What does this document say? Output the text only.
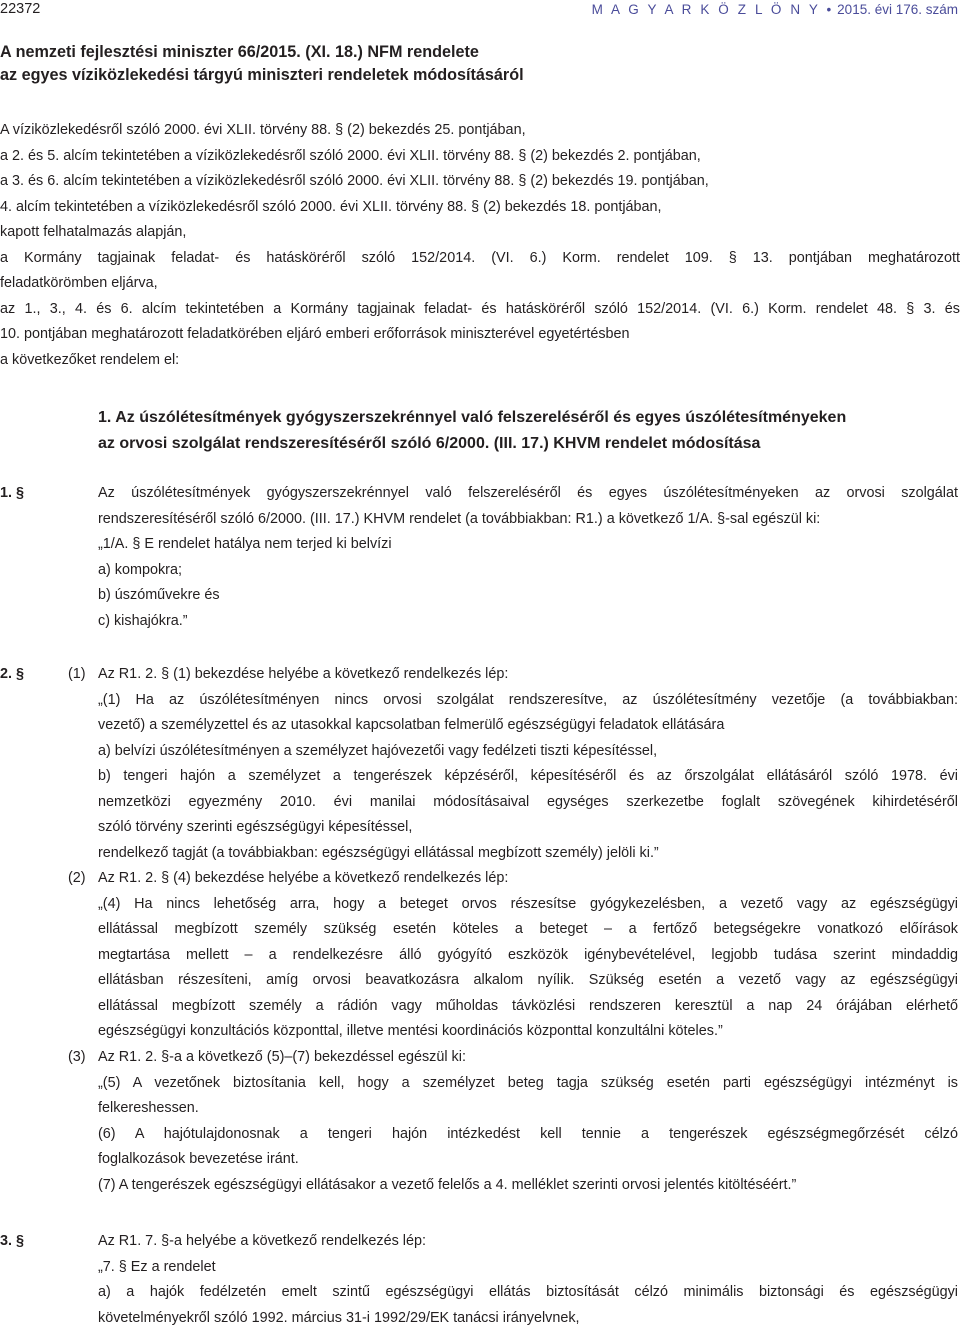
22372	M A G Y A R K Ö Z L Ö N Y • 2015. évi 176. szám
A nemzeti fejlesztési miniszter 66/2015. (XI. 18.) NFM rendelete
az egyes víziközlekedési tárgyú miniszteri rendeletek módosításáról
A víziközlekedésről szóló 2000. évi XLII. törvény 88. § (2) bekezdés 25. pontjában,
a 2. és 5. alcím tekintetében a víziközlekedésről szóló 2000. évi XLII. törvény 88. § (2) bekezdés 2. pontjában,
a 3. és 6. alcím tekintetében a víziközlekedésről szóló 2000. évi XLII. törvény 88. § (2) bekezdés 19. pontjában,
4. alcím tekintetében a víziközlekedésről szóló 2000. évi XLII. törvény 88. § (2) bekezdés 18. pontjában,
kapott felhatalmazás alapján,
a Kormány tagjainak feladat- és hatásköréről szóló 152/2014. (VI. 6.) Korm. rendelet 109. § 13. pontjában meghatározott
feladatkörömben eljárva,
az 1., 3., 4. és 6. alcím tekintetében a Kormány tagjainak feladat- és hatásköréről szóló 152/2014. (VI. 6.) Korm. rendelet 48. § 3. és
10. pontjában meghatározott feladatkörében eljáró emberi erőforrások miniszterével egyetértésben
a következőket rendelem el:
1. Az úszólétesítmények gyógyszerszekrénnyel való felszereléséről és egyes úszólétesítményeken
az orvosi szolgálat rendszeresítéséről szóló 6/2000. (III. 17.) KHVM rendelet módosítása
1. §	Az úszólétesítmények gyógyszerszekrénnyel való felszereléséről és egyes úszólétesítményeken az orvosi szolgálat
rendszeresítéséről szóló 6/2000. (III. 17.) KHVM rendelet (a továbbiakban: R1.) a következő 1/A. §-sal egészül ki:
„1/A. § E rendelet hatálya nem terjed ki belvízi
a) kompokra;
b) úszóművekre és
c) kishajókra.”
2. §	(1) Az R1. 2. § (1) bekezdése helyébe a következő rendelkezés lép:
„(1) Ha az úszólétesítményen nincs orvosi szolgálat rendszeresítve, az úszólétesítmény vezetője (a továbbiakban:
vezető) a személyzettel és az utasokkal kapcsolatban felmerülő egészségügyi feladatok ellátására
a) belvízi úszólétesítményen a személyzet hajóvezetői vagy fedélzeti tiszti képesítéssel,
b) tengeri hajón a személyzet a tengerészek képzéséről, képesítéséről és az őrszolgálat ellátásáról szóló 1978. évi
nemzetközi egyezmény 2010. évi manilai módosításaival egységes szerkezetbe foglalt szövegének kihirdetéséről
szóló törvény szerinti egészségügyi képesítéssel,
rendelkező tagját (a továbbiakban: egészségügyi ellátással megbízott személy) jelöli ki.”
(2) Az R1. 2. § (4) bekezdése helyébe a következő rendelkezés lép:
„(4) Ha nincs lehetőség arra, hogy a beteget orvos részesítse gyógykezelésben, a vezető vagy az egészségügyi
ellátással megbízott személy szükség esetén köteles a beteget – a fertőző betegségekre vonatkozó előírások
megtartása mellett – a rendelkezésre álló gyógyító eszközök igénybevételével, legjobb tudása szerint mindaddig
ellátásban részesíteni, amíg orvosi beavatkozásra alkalom nyílik. Szükség esetén a vezető vagy az egészségügyi
ellátással megbízott személy a rádión vagy műholdas távközlési rendszeren keresztül a nap 24 órájában elérhető
egészségügyi konzultációs központtal, illetve mentési koordinációs központtal konzultálni köteles.”
(3) Az R1. 2. §-a a következő (5)–(7) bekezdéssel egészül ki:
„(5) A vezetőnek biztosítania kell, hogy a személyzet beteg tagja szükség esetén parti egészségügyi intézményt is
felkereshessen.
(6) A hajótulajdonosnak a tengeri hajón intézkedést kell tennie a tengerészek egészségmegőrzését célzó
foglalkozások bevezetése iránt.
(7) A tengerészek egészségügyi ellátásakor a vezető felelős a 4. melléklet szerinti orvosi jelentés kitöltéséért.”
3. §	Az R1. 7. §-a helyébe a következő rendelkezés lép:
„7. § Ez a rendelet
a) a hajók fedélzetén emelt szintű egészségügyi ellátás biztosítását célzó minimális biztonsági és egészségügyi
követelményekről szóló 1992. március 31-i 1992/29/EK tanácsi irányelvnek,
